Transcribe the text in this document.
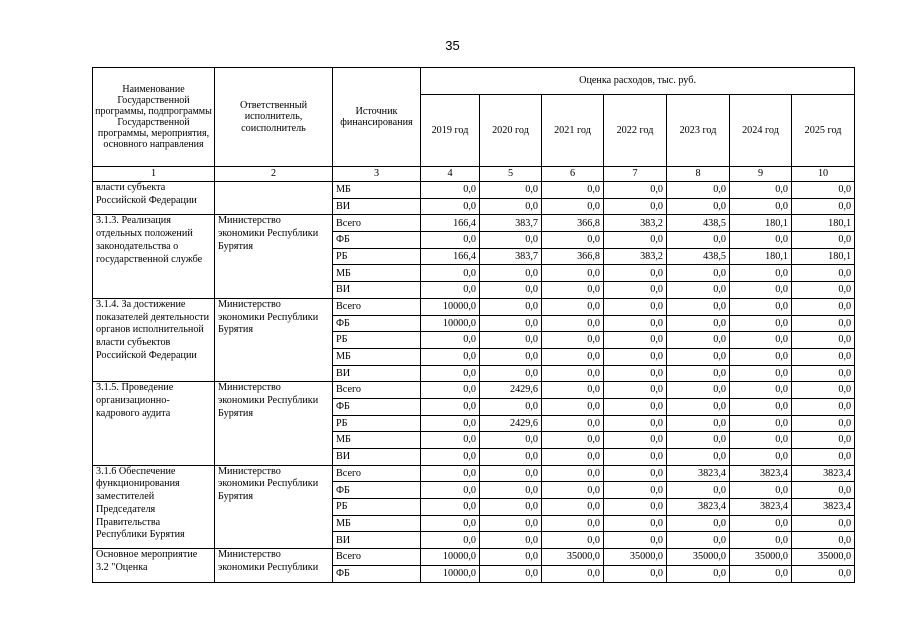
35
Наименование Государственной программы, подпрограммы Государственной программы, мероприятия, основного направления	Ответственный исполнитель, соисполнитель	Источник финансирования	Оценка расходов, тыс. руб.						
			2019 год	2020 год	2021 год	2022 год	2023 год	2024 год	2025 год
1	2	3	4	5	6	7	8	9	10
власти субъекта Российской Федерации		МБ	0,0	0,0	0,0	0,0	0,0	0,0	0,0
		ВИ	0,0	0,0	0,0	0,0	0,0	0,0	0,0
3.1.3. Реализация отдельных положений законодательства о государственной службе	Министерство экономики Республики Бурятия	Всего	166,4	383,7	366,8	383,2	438,5	180,1	180,1
		ФБ	0,0	0,0	0,0	0,0	0,0	0,0	0,0
		РБ	166,4	383,7	366,8	383,2	438,5	180,1	180,1
		МБ	0,0	0,0	0,0	0,0	0,0	0,0	0,0
		ВИ	0,0	0,0	0,0	0,0	0,0	0,0	0,0
3.1.4. За достижение показателей деятельности органов исполнительной власти субъектов Российской Федерации	Министерство экономики Республики Бурятия	Всего	10000,0	0,0	0,0	0,0	0,0	0,0	0,0
		ФБ	10000,0	0,0	0,0	0,0	0,0	0,0	0,0
		РБ	0,0	0,0	0,0	0,0	0,0	0,0	0,0
		МБ	0,0	0,0	0,0	0,0	0,0	0,0	0,0
		ВИ	0,0	0,0	0,0	0,0	0,0	0,0	0,0
3.1.5. Проведение организационно-кадрового аудита	Министерство экономики Республики Бурятия	Всего	0,0	2429,6	0,0	0,0	0,0	0,0	0,0
		ФБ	0,0	0,0	0,0	0,0	0,0	0,0	0,0
		РБ	0,0	2429,6	0,0	0,0	0,0	0,0	0,0
		МБ	0,0	0,0	0,0	0,0	0,0	0,0	0,0
		ВИ	0,0	0,0	0,0	0,0	0,0	0,0	0,0
3.1.6 Обеспечение функционирования заместителей Председателя Правительства Республики Бурятия	Министерство экономики Республики Бурятия	Всего	0,0	0,0	0,0	0,0	3823,4	3823,4	3823,4
		ФБ	0,0	0,0	0,0	0,0	0,0	0,0	0,0
		РБ	0,0	0,0	0,0	0,0	3823,4	3823,4	3823,4
		МБ	0,0	0,0	0,0	0,0	0,0	0,0	0,0
		ВИ	0,0	0,0	0,0	0,0	0,0	0,0	0,0
Основное мероприятие 3.2 "Оценка	Министерство экономики Республики	Всего	10000,0	0,0	35000,0	35000,0	35000,0	35000,0	35000,0
		ФБ	10000,0	0,0	0,0	0,0	0,0	0,0	0,0
